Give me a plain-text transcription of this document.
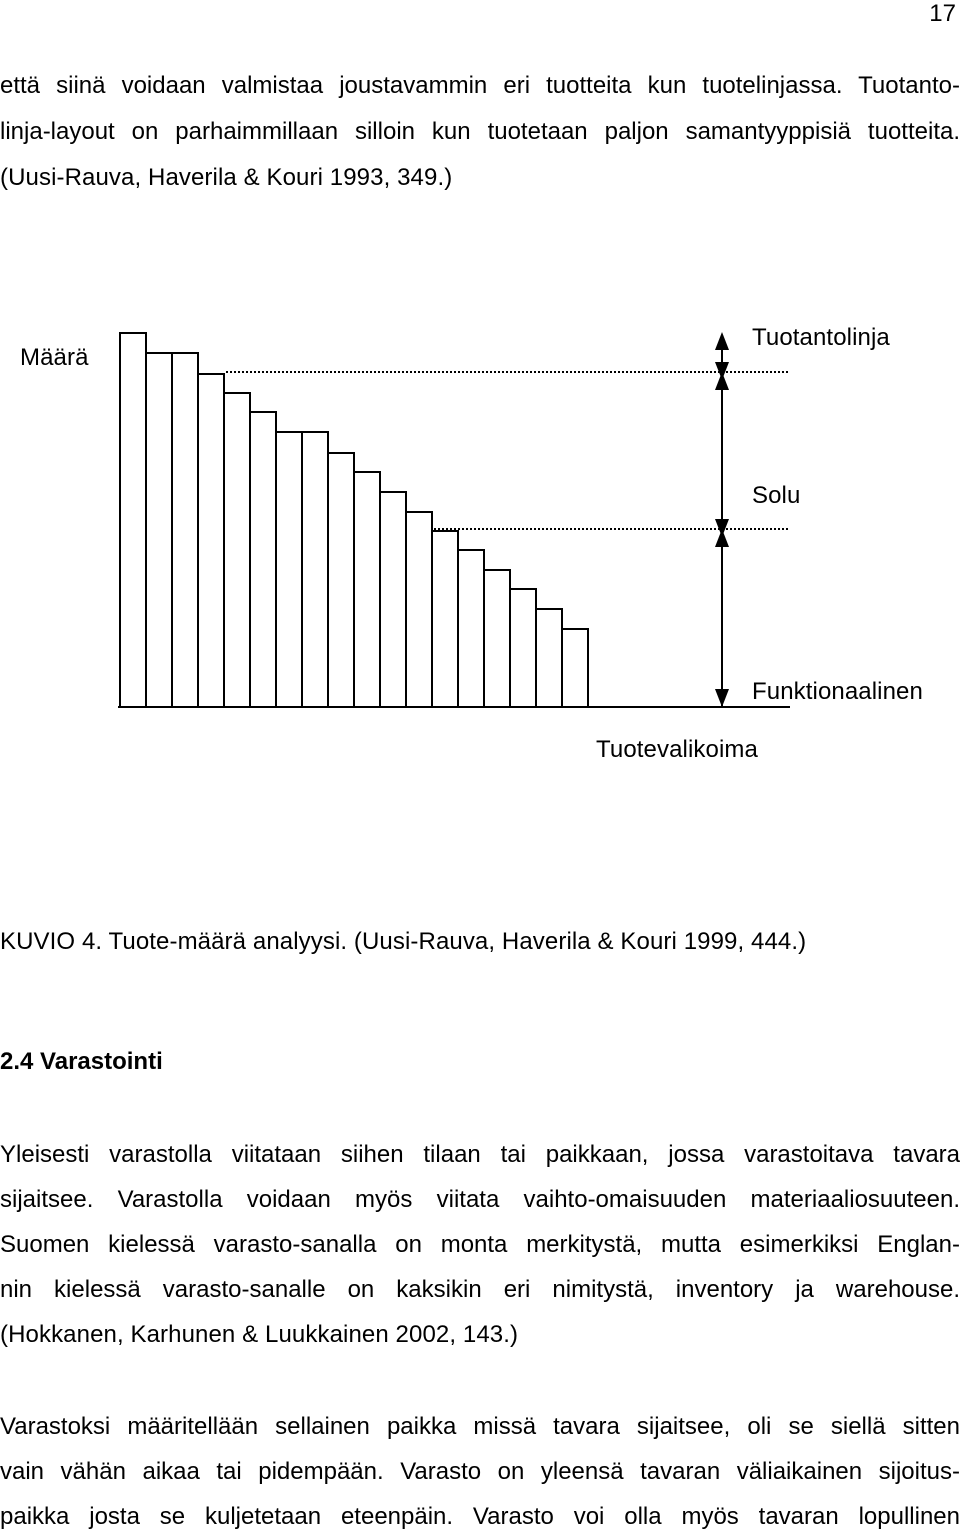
17
että siinä voidaan valmistaa joustavammin eri tuotteita kun tuotelinjassa. Tuotanto-
linja-layout on parhaimmillaan silloin kun tuotetaan paljon samantyyppisiä tuotteita.
(Uusi-Rauva, Haverila & Kouri 1993, 349.)
Määrä
Tuotantolinja
Solu
Funktionaalinen
Tuotevalikoima
KUVIO 4. Tuote-määrä analyysi. (Uusi-Rauva, Haverila & Kouri 1999, 444.)
2.4 Varastointi
Yleisesti varastolla viitataan siihen tilaan tai paikkaan, jossa varastoitava tavara
sijaitsee. Varastolla voidaan myös viitata vaihto-omaisuuden materiaaliosuuteen.
Suomen kielessä varasto-sanalla on monta merkitystä, mutta esimerkiksi Englan-
nin kielessä varasto-sanalle on kaksikin eri nimitystä, inventory ja warehouse.
(Hokkanen, Karhunen & Luukkainen 2002, 143.)
Varastoksi määritellään sellainen paikka missä tavara sijaitsee, oli se siellä sitten
vain vähän aikaa tai pidempään. Varasto on yleensä tavaran väliaikainen sijoitus-
paikka josta se kuljetetaan eteenpäin. Varasto voi olla myös tavaran lopullinen
